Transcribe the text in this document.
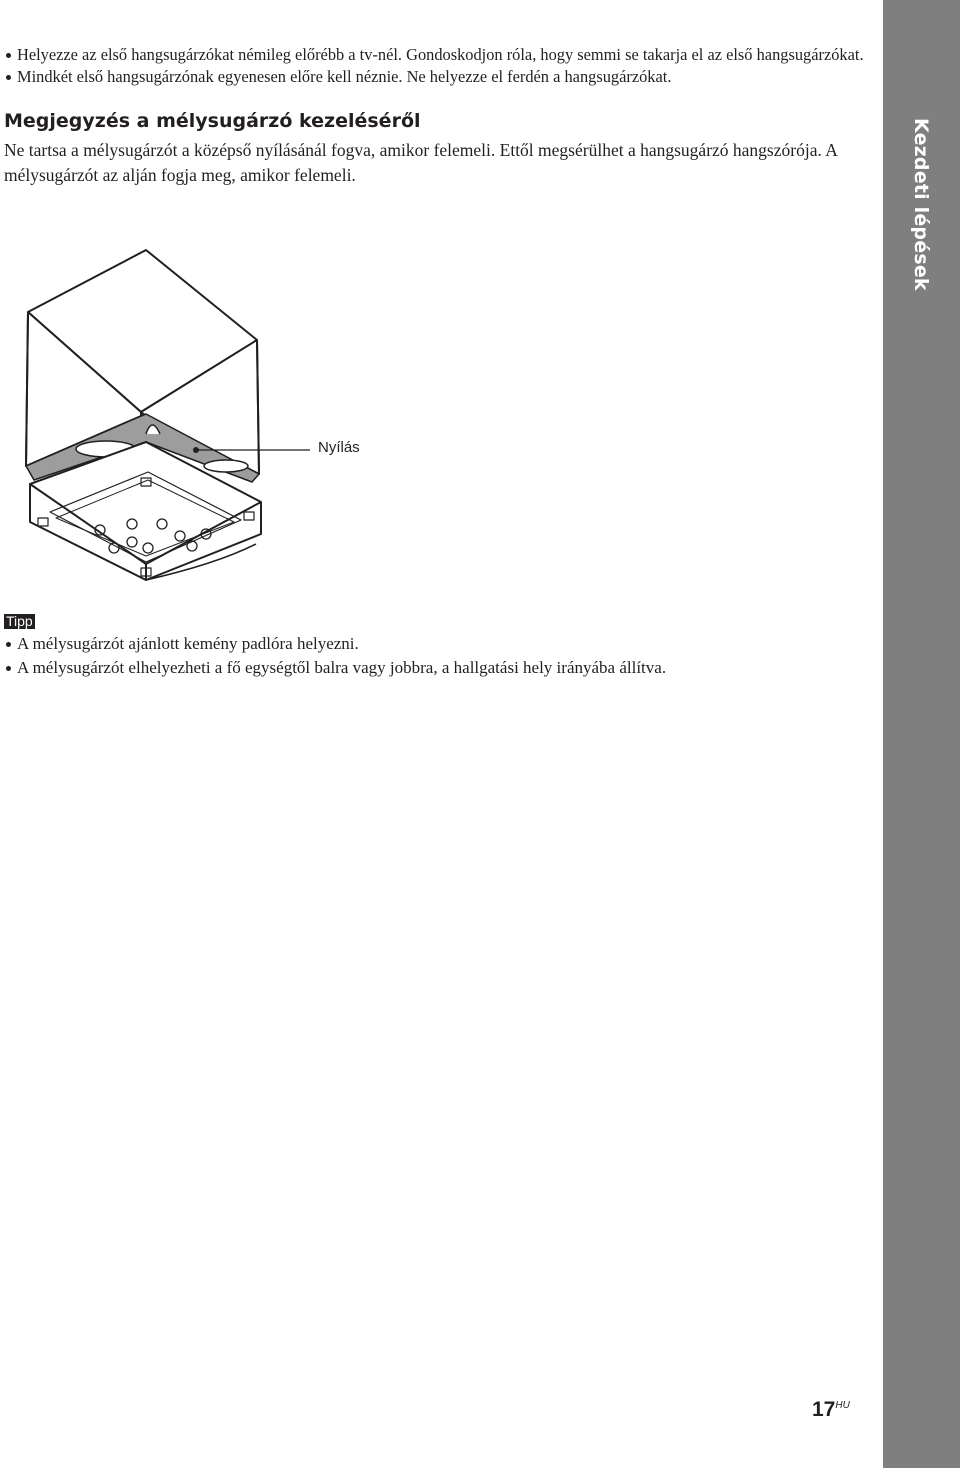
Kezdeti lépések
Helyezze az első hangsugárzókat némileg előrébb a tv-nél. Gondoskodjon róla, hogy semmi se takarja el az első hangsugárzókat.
Mindkét első hangsugárzónak egyenesen előre kell néznie. Ne helyezze el ferdén a hangsugárzókat.
Megjegyzés a mélysugárzó kezeléséről

Ne tartsa a mélysugárzót a középső nyílásánál fogva, amikor felemeli. Ettől megsérülhet a hangsugárzó hangszórója. A mélysugárzót az alján fogja meg, amikor felemeli.

Nyílás
Tipp
A mélysugárzót ajánlott kemény padlóra helyezni.
A mélysugárzót elhelyezheti a fő egységtől balra vagy jobbra, a hallgatási hely irányába állítva.
$17^{HU}$
